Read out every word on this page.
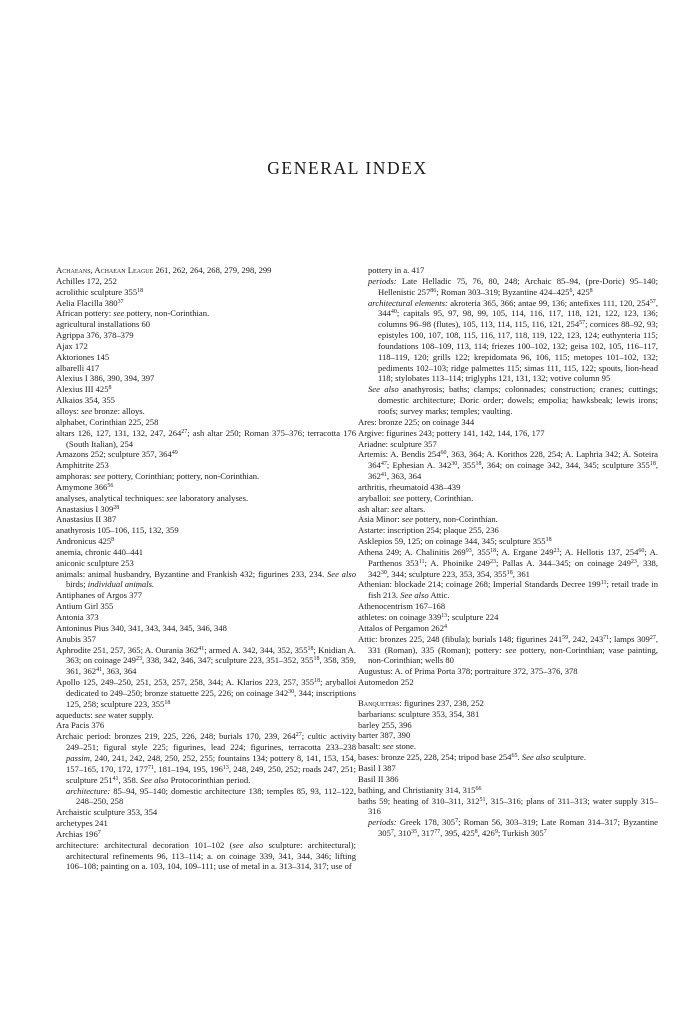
GENERAL INDEX
Achaeans, Achaean League 261, 262, 264, 268, 279, 298, 299
Achilles 172, 252
acrolithic sculpture $355^{18}$
Aelia Flacilla $380^{37}$
African pottery: see pottery, non-Corinthian.
agricultural installations 60
Agrippa 376, 378–379
Ajax 172
Aktoriones 145
albarelli 417
Alexius I 386, 390, 394, 397
Alexius III $425^8$
Alkaios 354, 355
alloys: see bronze: alloys.
alphabet, Corinthian 225, 258
altars 126, 127, 131, 132, 247, $264^{27}$; ash altar 250; Roman 375–376; terracotta 176 (South Italian), 254
Amazons 252; sculpture 357, $364^{49}$
Amphitrite 253
amphoras: see pottery, Corinthian; pottery, non-Corinthian.
Amymone $366^{56}$
analyses, analytical techniques: see laboratory analyses.
Anastasius I $309^{28}$
Anastasius II 387
anathyrosis 105–106, 115, 132, 359
Andronicus $425^8$
anemia, chronic 440–441
aniconic sculpture 253
animals: animal husbandry, Byzantine and Frankish 432; figurines 233, 234. See also birds; individual animals.
Antiphanes of Argos 377
Antium Girl 355
Antonia 373
Antoninus Pius 340, 341, 343, 344, 345, 346, 348
Anubis 357
Aphrodite 251, 257, 365; A. Ourania $362^{41}$; armed A. 342, 344, 352, $355^{18}$; Knidian A. 363; on coinage $249^{23}$, 338, 342, 346, 347; sculpture 223, 351–352, $355^{18}$, 358, 359, 361, $362^{41}$, 363, 364
Apollo 125, 249–250, 251, 253, 257, 258, 344; A. Klarios 223, 257, $355^{18}$; aryballoi dedicated to 249–250; bronze statuette 225, 226; on coinage $342^{30}$, 344; inscriptions 125, 258; sculpture 223, $355^{18}$
aqueducts: see water supply.
Ara Pacis 376
Archaic period: bronzes 219, 225, 226, 248; burials 170, 239, $264^{27}$; cultic activity 249–251; figural style 225; figurines, lead 224; figurines, terracotta 233–238 passim, 240, 241, 242, 248, 250, 252, 255; fountains 134; pottery 8, 141, 153, 154, 157–165, 170, 172, $177^{71}$, 181–194, 195, $196^{13}$, 248, 249, 250, 252; roads 247, 251; sculpture $251^{41}$, 358. See also Protocorinthian period.
architecture: 85–94, 95–140; domestic architecture 138; temples 85, 93, 112–122, 248–250, 258
Archaistic sculpture 353, 354
archetypes 241
Archias $196^7$
architecture: architectural decoration 101–102 (see also sculpture: architectural); architectural refinements 96, 113–114; a. on coinage 339, 341, 344, 346; lifting 106–108; painting on a. 103, 104, 109–111; use of metal in a. 313–314, 317; use of
pottery in a. 417
periods: Late Helladic 75, 76, 80, 248; Archaic 85–94, (pre-Doric) 95–140; Hellenistic $257^{86}$; Roman 303–319; Byzantine $424-425^6$, $425^8$
architectural elements: akroteria 365, 366; antae 99, 136; antefixes 111, 120, $254^{57}$, $344^{40}$; capitals 95, 97, 98, 99, 105, 114, 116, 117, 118, 121, 122, 123, 136; columns 96–98 (flutes), 105, 113, 114, 115, 116, 121, $254^{57}$; cornices 88–92, 93; epistyles 100, 107, 108, 115, 116, 117, 118, 119, 122, 123, 124; euthynteria 115; foundations 108–109, 113, 114; friezes 100–102, 132; geisa 102, 105, 116–117, 118–119, 120; grills 122; krepidomata 96, 106, 115; metopes 101–102, 132; pediments 102–103; ridge palmettes 115; simas 111, 115, 122; spouts, lion-head 118; stylobates 113–114; triglyphs 121, 131, 132; votive column 95
See also anathyrosis; baths; clamps; colonnades; construction; cranes; cuttings; domestic architecture; Doric order; dowels; empolia; hawksbeak; lewis irons; roofs; survey marks; temples; vaulting.
Ares: bronze 225; on coinage 344
Argive: figurines 243; pottery 141, 142, 144, 176, 177
Ariadne: sculpture 357
Artemis: A. Bendis $254^{60}$, 363, 364; A. Korithos 228, 254; A. Laphria 342; A. Soteira $364^{47}$; Ephesian A. $342^{30}$, $355^{18}$, 364; on coinage 342, 344, 345; sculpture $355^{18}$, $362^{41}$, 363, 364
arthritis, rheumatoid 438–439
aryballoi: see pottery, Corinthian.
ash altar: see altars.
Asia Minor: see pottery, non-Corinthian.
Astarte: inscription 254; plaque 255, 236
Asklepios 59, 125; on coinage 344, 345; sculpture $355^{18}$
Athena 249; A. Chalinitis $269^{93}$, $355^{18}$; A. Ergane $249^{23}$; A. Hellotis 137, $254^{60}$; A. Parthenos $353^{11}$; A. Phoinike $249^{23}$; Pallas A. 344–345; on coinage $249^{23}$, 338, $342^{30}$, 344; sculpture 223, 353, 354, $355^{18}$, 361
Athenian: blockade 214; coinage 268; Imperial Standards Decree $199^{11}$; retail trade in fish 213. See also Attic.
Athenocentrism 167–168
athletes: on coinage $339^{13}$; sculpture 224
Attalos of Pergamon $262^4$
Attic: bronzes 225, 248 (fibula); burials 148; figurines $241^{59}$, 242, $243^{71}$; lamps $309^{27}$, 331 (Roman), 335 (Roman); pottery: see pottery, non-Corinthian; vase painting, non-Corinthian; wells 80
Augustus: A. of Prima Porta 378; portraiture 372, 375–376, 378
Automedon 252
Banqueters: figurines 237, 238, 252
barbarians: sculpture 353, 354, 381
barley 255, 396
barter 387, 390
basalt: see stone.
bases: bronze 225, 228, 254; tripod base $254^{65}$. See also sculpture.
Basil I 387
Basil II 386
bathing, and Christianity 314, $315^{66}$
baths 59; heating of 310–311, $312^{51}$, 315–316; plans of 311–313; water supply 315–316
periods: Greek 178, $305^7$; Roman 56, 303–319; Late Roman 314–317; Byzantine $305^7$, $310^{35}$, $317^{77}$, 395, $425^8$, $426^9$; Turkish $305^7$
